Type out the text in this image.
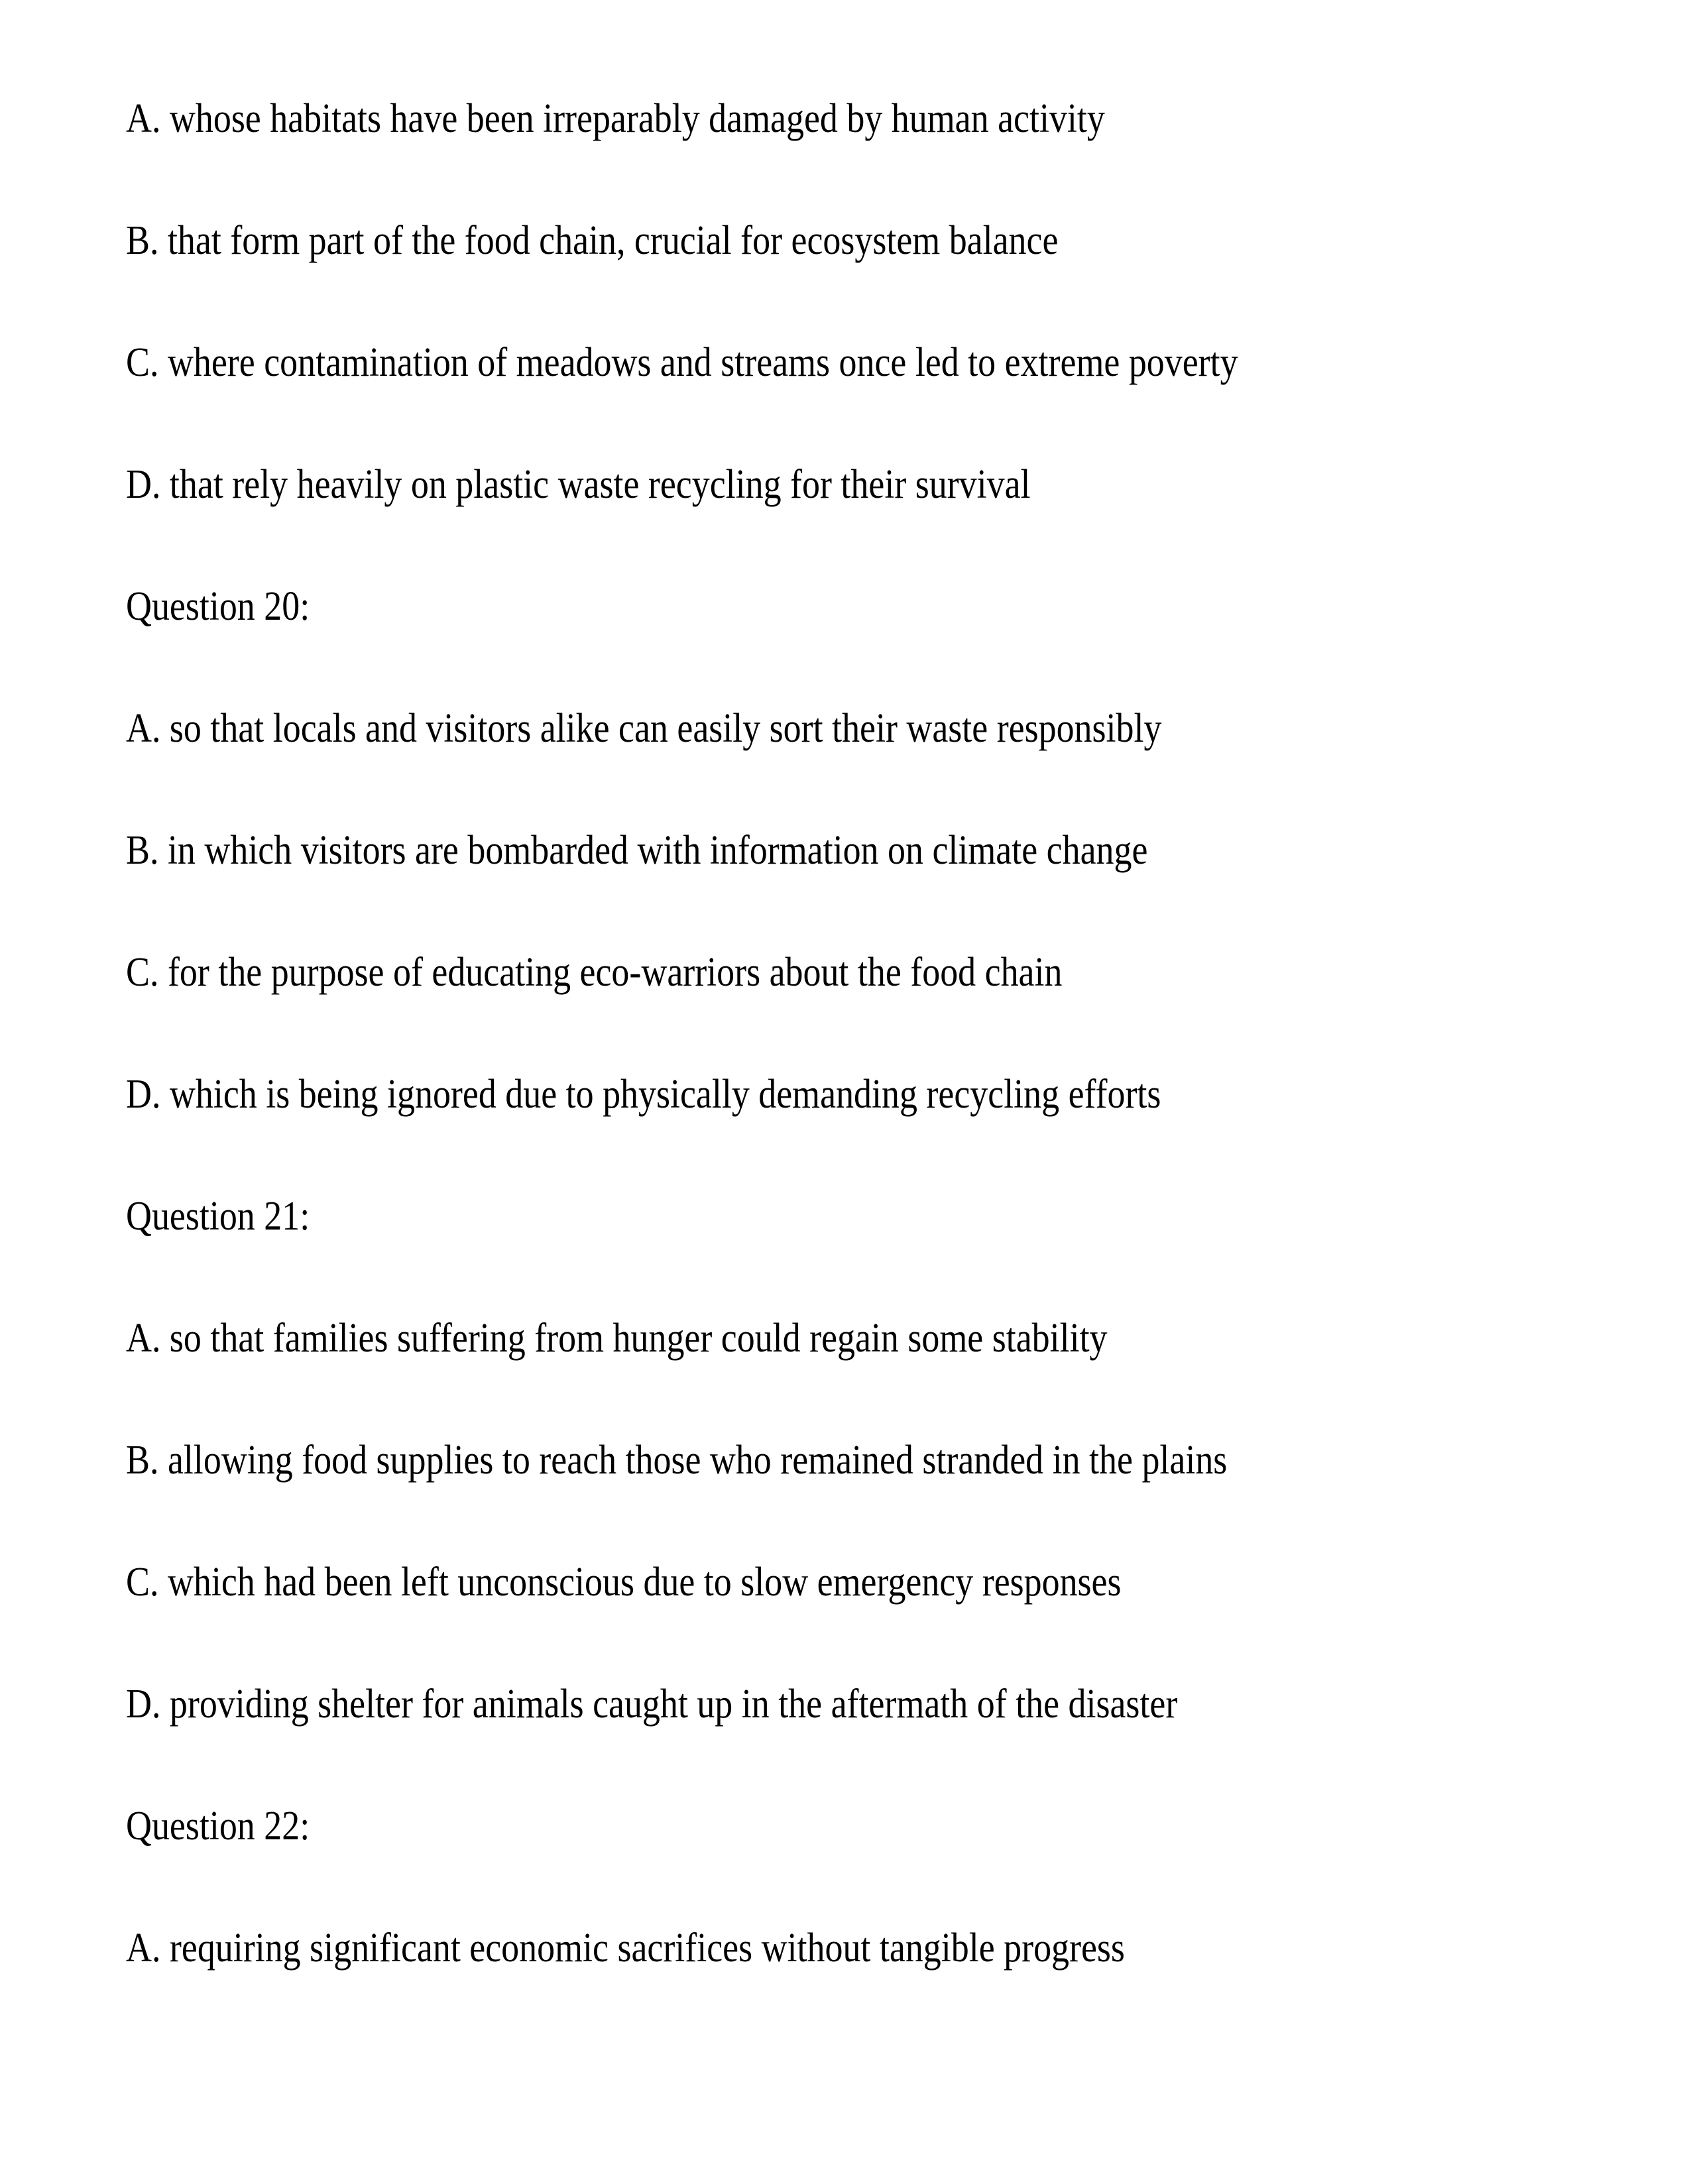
A. whose habitats have been irreparably damaged by human activity
B. that form part of the food chain, crucial for ecosystem balance
C. where contamination of meadows and streams once led to extreme poverty
D. that rely heavily on plastic waste recycling for their survival
Question 20:
A. so that locals and visitors alike can easily sort their waste responsibly
B. in which visitors are bombarded with information on climate change
C. for the purpose of educating eco-warriors about the food chain
D. which is being ignored due to physically demanding recycling efforts
Question 21:
A. so that families suffering from hunger could regain some stability
B. allowing food supplies to reach those who remained stranded in the plains
C. which had been left unconscious due to slow emergency responses
D. providing shelter for animals caught up in the aftermath of the disaster
Question 22:
A. requiring significant economic sacrifices without tangible progress
